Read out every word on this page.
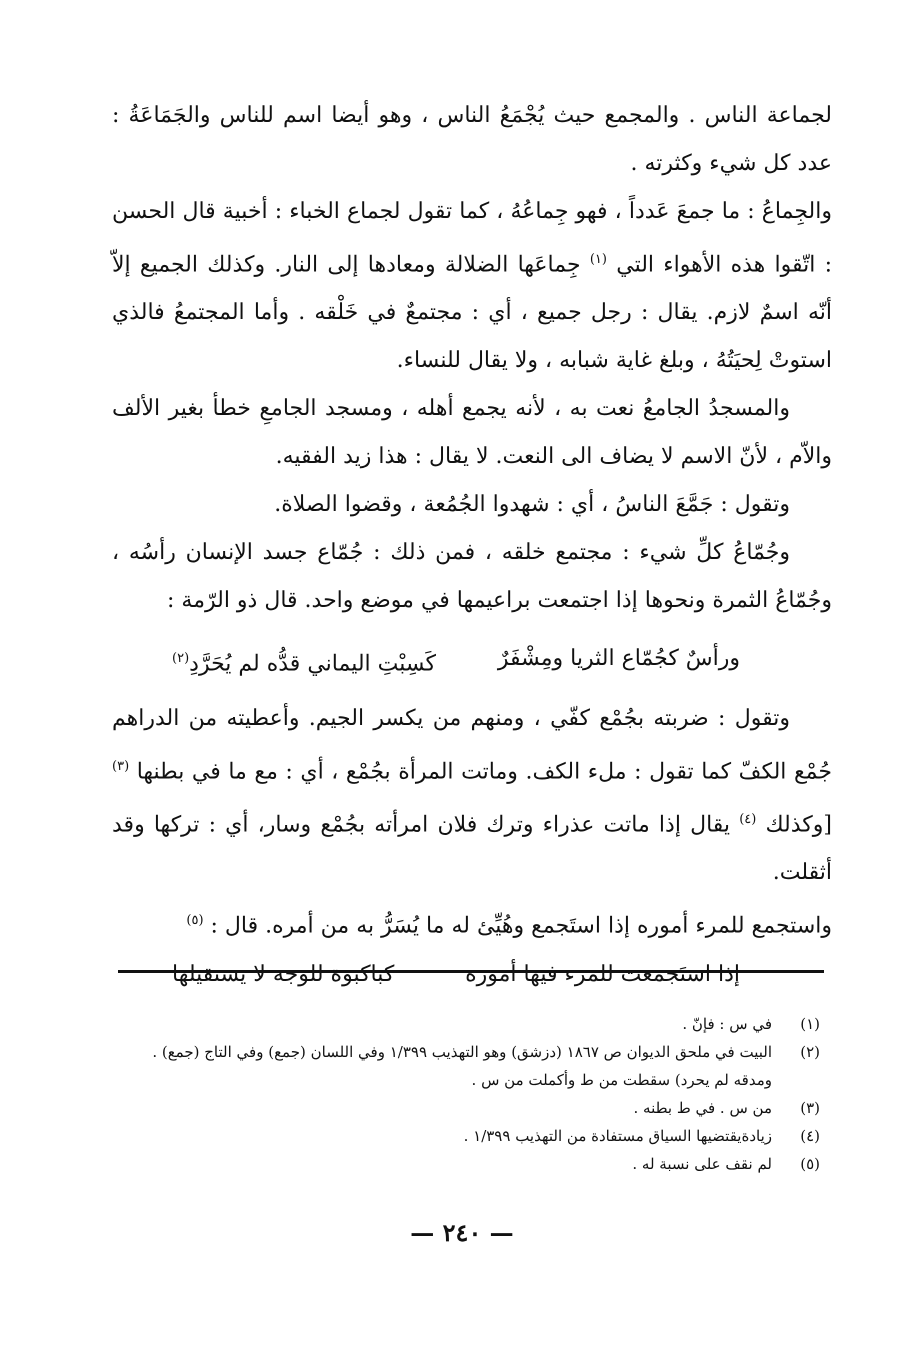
لجماعة الناس . والمجمع حيث يُجْمَعُ الناس ، وهو أيضا اسم للناس والجَمَاعَةُ : عدد كل شيء وكثرته .

والجِماعُ : ما جمعَ عَدداً ، فهو جِماعُهُ ، كما تقول لجماع الخباء : أخبية قال الحسن : اتّقوا هذه الأهواء التي $^{(١)}$ جِماعَها الضلالة ومعادها إلى النار. وكذلك الجميع إلاّ أنّه اسمٌ لازم. يقال : رجل جميع ، أي : مجتمعٌ في خَلْقه . وأما المجتمعُ فالذي استوتْ لِحيَتُهُ ، وبلغ غاية شبابه ، ولا يقال للنساء.

والمسجدُ الجامعُ نعت به ، لأنه يجمع أهله ، ومسجد الجامعِ خطأ بغير الألف والاّم ، لأنّ الاسم لا يضاف الى النعت. لا يقال : هذا زيد الفقيه.

وتقول : جَمَّعَ الناسُ ، أي : شهدوا الجُمُعة ، وقضوا الصلاة.

وجُمّاعُ كلِّ شيء : مجتمع خلقه ، فمن ذلك : جُمّاع جسد الإنسان رأسُه ، وجُمّاعُ الثمرة ونحوها إذا اجتمعت براعيمها في موضع واحد. قال ذو الرّمة :

ورأسٌ كجُمّاع الثريا ومِشْفَرٌ
كَسِبْتِ اليماني قدُّه لم يُحَرَّدِ$^{(٢)}$

وتقول : ضربته بجُمْع كفّي ، ومنهم من يكسر الجيم. وأعطيته من الدراهم جُمْع الكفّ كما تقول : ملء الكف. وماتت المرأة بجُمْع ، أي : مع ما في بطنها $^{(٣)}$ [وكذلك $^{(٤)}$ يقال إذا ماتت عذراء وترك فلان امرأته بجُمْع وسار، أي : تركها وقد أثقلت.

واستجمع للمرء أموره إذا استَجمع وهُيِّئ له ما يُسَرُّ به من أمره. قال : $^{(٥)}$

إذا استَجمعت للمرء فيها أموره
كباكبوة للوجه لا يستقيلها

(١)
في س : فإنّ .

(٢)
البيت في ملحق الديوان ص ١٨٦٧ (دزشق) وهو التهذيب ١/٣٩٩ وفي اللسان (جمع) وفي التاج (جمع) .

ومدقه لم يحرد) سقطت من ط وأكملت من س .

(٣)
من س . في ط بطنه .

(٤)
زيادةيقتضيها السياق مستفادة من التهذيب ١/٣٩٩ .

(٥)
لم نقف على نسبة له .

— ٢٤٠ —
